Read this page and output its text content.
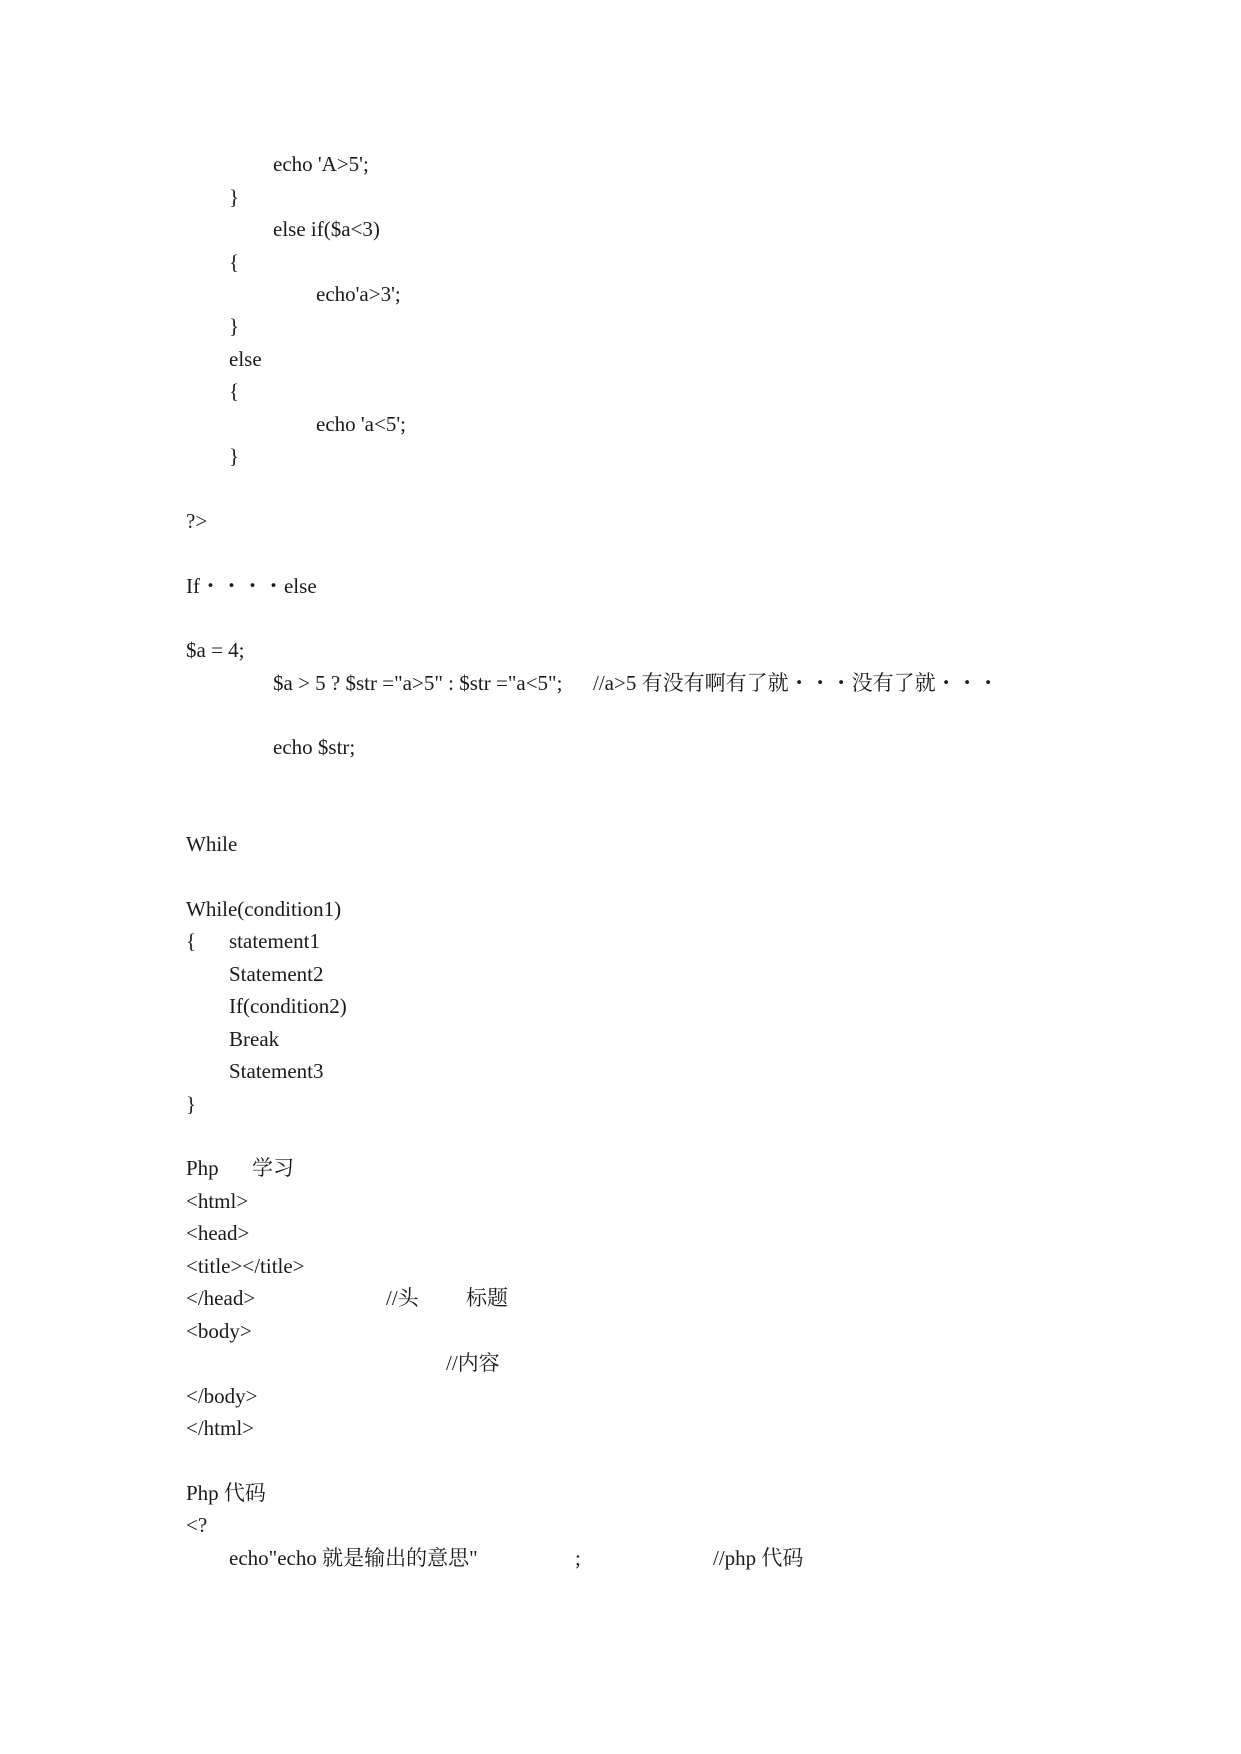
echo 'A>5';
}
else if($a<3)
{
echo'a>3';
}
else
{
echo 'a<5';
}
?>
If・・・・else
$a = 4;
$a > 5 ? $str ="a>5" : $str ="a<5"; //a>5 有没有啊有了就・・・没有了就・・・
echo $str;
While
While(condition1)
{ statement1
Statement2
If(condition2)
Break
Statement3
}
Php 学习
<html>
<head>
<title></title>
</head>	//头 标题
<body>
//内容
</body>
</html>
Php 代码
<?
echo"echo 就是输出的意思"	;	//php 代码
